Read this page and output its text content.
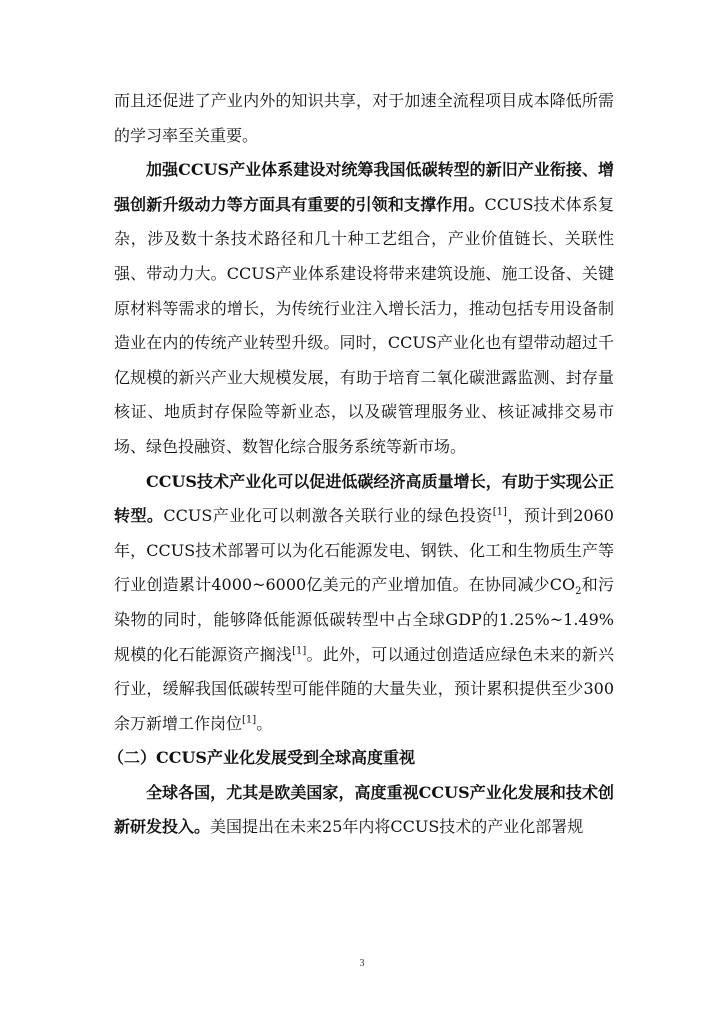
而且还促进了产业内外的知识共享，对于加速全流程项目成本降低所需的学习率至关重要。

加强CCUS产业体系建设对统筹我国低碳转型的新旧产业衔接、增强创新升级动力等方面具有重要的引领和支撑作用。CCUS技术体系复杂，涉及数十条技术路径和几十种工艺组合，产业价值链长、关联性强、带动力大。CCUS产业体系建设将带来建筑设施、施工设备、关键原材料等需求的增长，为传统行业注入增长活力，推动包括专用设备制造业在内的传统产业转型升级。同时，CCUS产业化也有望带动超过千亿规模的新兴产业大规模发展，有助于培育二氧化碳泄露监测、封存量核证、地质封存保险等新业态，以及碳管理服务业、核证减排交易市场、绿色投融资、数智化综合服务系统等新市场。

CCUS技术产业化可以促进低碳经济高质量增长，有助于实现公正转型。CCUS产业化可以刺激各关联行业的绿色投资[1]，预计到2060年，CCUS技术部署可以为化石能源发电、钢铁、化工和生物质生产等行业创造累计4000~6000亿美元的产业增加值。在协同减少$CO_2$和污染物的同时，能够降低能源低碳转型中占全球GDP的1.25%~1.49%规模的化石能源资产搁浅[1]。此外，可以通过创造适应绿色未来的新兴行业，缓解我国低碳转型可能伴随的大量失业，预计累积提供至少300余万新增工作岗位[1]。

（二）CCUS产业化发展受到全球高度重视

全球各国，尤其是欧美国家，高度重视CCUS产业化发展和技术创新研发投入。美国提出在未来25年内将CCUS技术的产业化部署规

3
